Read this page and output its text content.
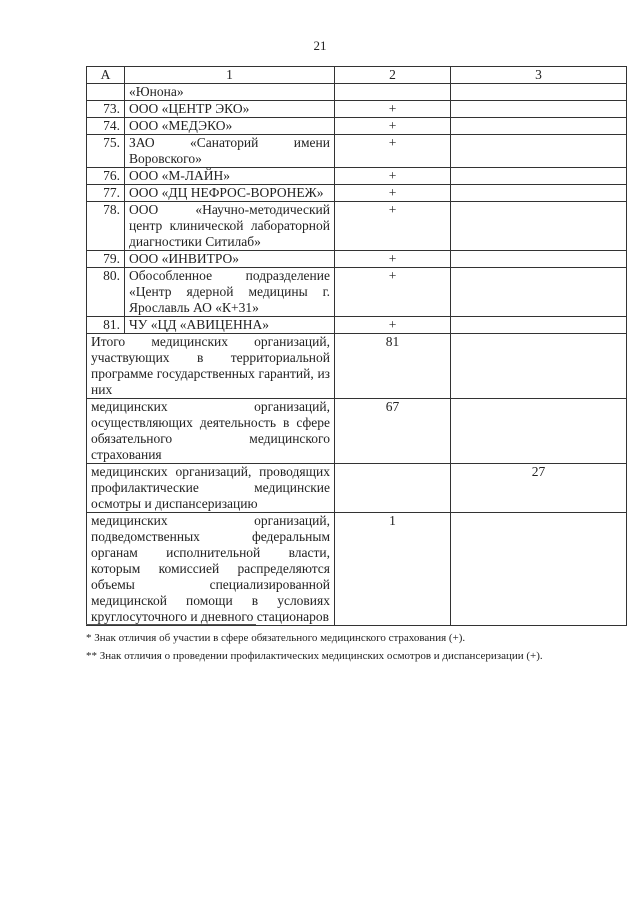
21
А	1	2	3
	«Юнона»		
73.	ООО «ЦЕНТР ЭКО»	+	
74.	ООО «МЕДЭКО»	+	
75.	ЗАО «Санаторий имени Воровского»	+	
76.	ООО «М-ЛАЙН»	+	
77.	ООО «ДЦ НЕФРОС-ВОРОНЕЖ»	+	
78.	ООО «Научно-методический центр клинической лабораторной диагностики Ситилаб»	+	
79.	ООО «ИНВИТРО»	+	
80.	Обособленное подразделение «Центр ядерной медицины г. Ярославль АО «К+31»	+	
81.	ЧУ «ЦД «АВИЦЕННА»	+	
Итого медицинских организаций, участвующих в территориальной программе государственных гарантий, из них		81	
медицинских организаций, осуществляющих деятельность в сфере обязательного медицинского страхования		67	
медицинских организаций, проводящих профилактические медицинские осмотры и диспансеризацию			27
медицинских организаций, подведомственных федеральным органам исполнительной власти, которым комиссией распределяются объемы специализированной медицинской помощи в условиях круглосуточного и дневного стационаров		1	
* Знак отличия об участии в сфере обязательного медицинского страхования (+).
** Знак отличия о проведении профилактических медицинских осмотров и диспансеризации (+).
